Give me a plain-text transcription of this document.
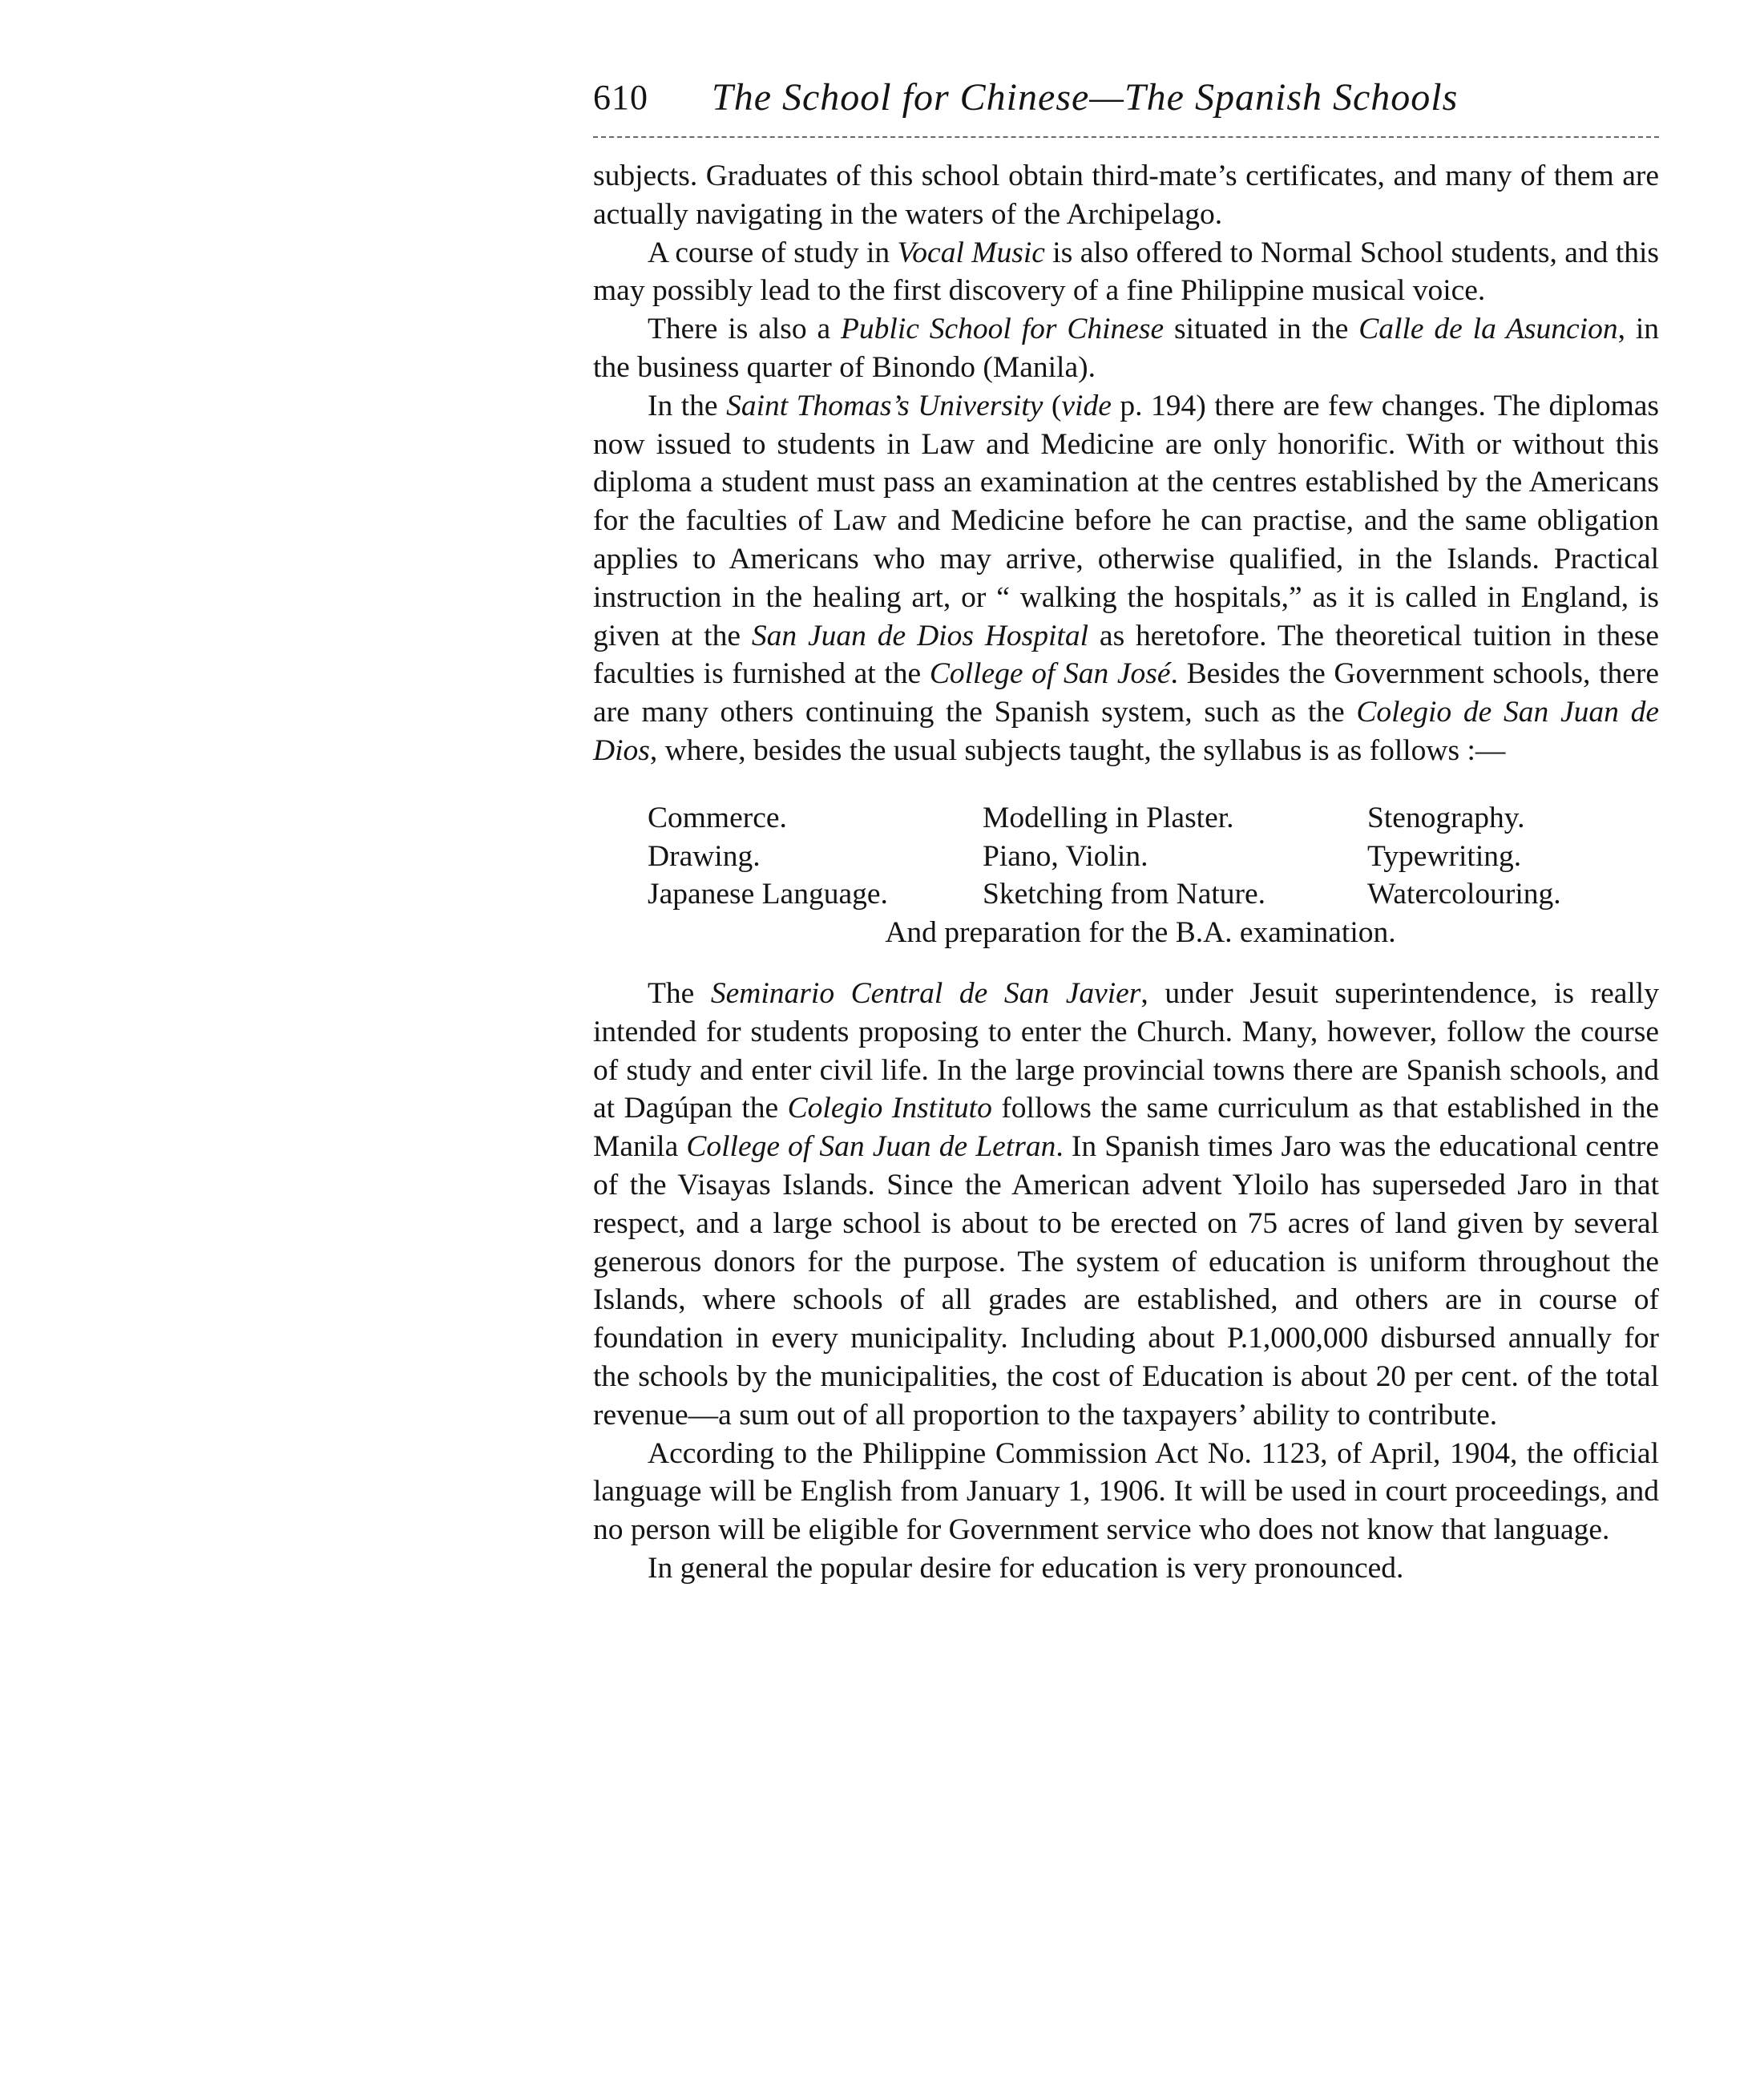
610 The School for Chinese—The Spanish Schools

subjects. Graduates of this school obtain third-mate’s certificates, and many of them are actually navigating in the waters of the Archipelago.

A course of study in Vocal Music is also offered to Normal School students, and this may possibly lead to the first discovery of a fine Philippine musical voice.

There is also a Public School for Chinese situated in the Calle de la Asuncion, in the business quarter of Binondo (Manila).

In the Saint Thomas’s University (vide p. 194) there are few changes. The diplomas now issued to students in Law and Medicine are only honorific. With or without this diploma a student must pass an examination at the centres established by the Americans for the faculties of Law and Medicine before he can practise, and the same obligation applies to Americans who may arrive, otherwise qualified, in the Islands. Practical instruction in the healing art, or “ walking the hospitals,” as it is called in England, is given at the San Juan de Dios Hospital as heretofore. The theoretical tuition in these faculties is furnished at the College of San José. Besides the Government schools, there are many others continuing the Spanish system, such as the Colegio de San Juan de Dios, where, besides the usual subjects taught, the syllabus is as follows :—

Commerce.	Modelling in Plaster.	Stenography.
Drawing.	Piano, Violin.	Typewriting.
Japanese Language.	Sketching from Nature.	Watercolouring.
And preparation for the B.A. examination.

The Seminario Central de San Javier, under Jesuit superintendence, is really intended for students proposing to enter the Church. Many, however, follow the course of study and enter civil life. In the large provincial towns there are Spanish schools, and at Dagúpan the Colegio Instituto follows the same curriculum as that established in the Manila College of San Juan de Letran. In Spanish times Jaro was the educational centre of the Visayas Islands. Since the American advent Yloilo has superseded Jaro in that respect, and a large school is about to be erected on 75 acres of land given by several generous donors for the purpose. The system of education is uniform throughout the Islands, where schools of all grades are established, and others are in course of foundation in every municipality. Including about P.1,000,000 disbursed annually for the schools by the municipalities, the cost of Education is about 20 per cent. of the total revenue—a sum out of all proportion to the taxpayers’ ability to contribute.

According to the Philippine Commission Act No. 1123, of April, 1904, the official language will be English from January 1, 1906. It will be used in court proceedings, and no person will be eligible for Government service who does not know that language.

In general the popular desire for education is very pronounced.
